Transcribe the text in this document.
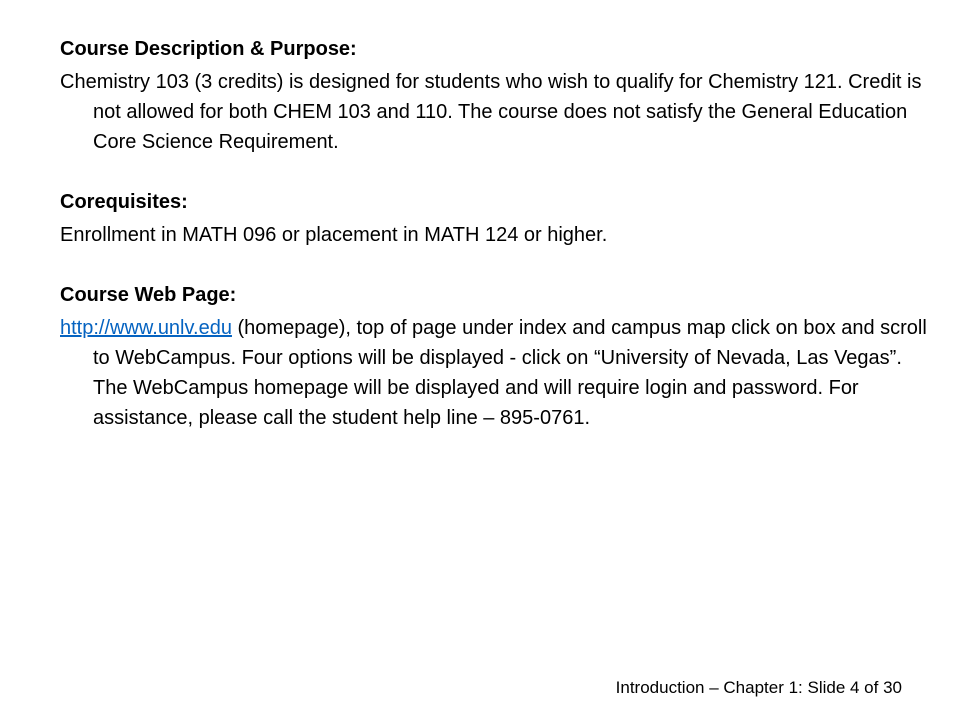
Course Description & Purpose:

Chemistry 103 (3 credits) is designed for students who wish to qualify for Chemistry 121. Credit is not allowed for both CHEM 103 and 110. The course does not satisfy the General Education Core Science Requirement.

Corequisites:

Enrollment in MATH 096 or placement in MATH 124 or higher.

Course Web Page:

http://www.unlv.edu (homepage), top of page under index and campus map click on box and scroll to WebCampus. Four options will be displayed - click on “University of Nevada, Las Vegas”. The WebCampus homepage will be displayed and will require login and password. For assistance, please call the student help line – 895-0761.

Introduction – Chapter 1: Slide 4 of 30
